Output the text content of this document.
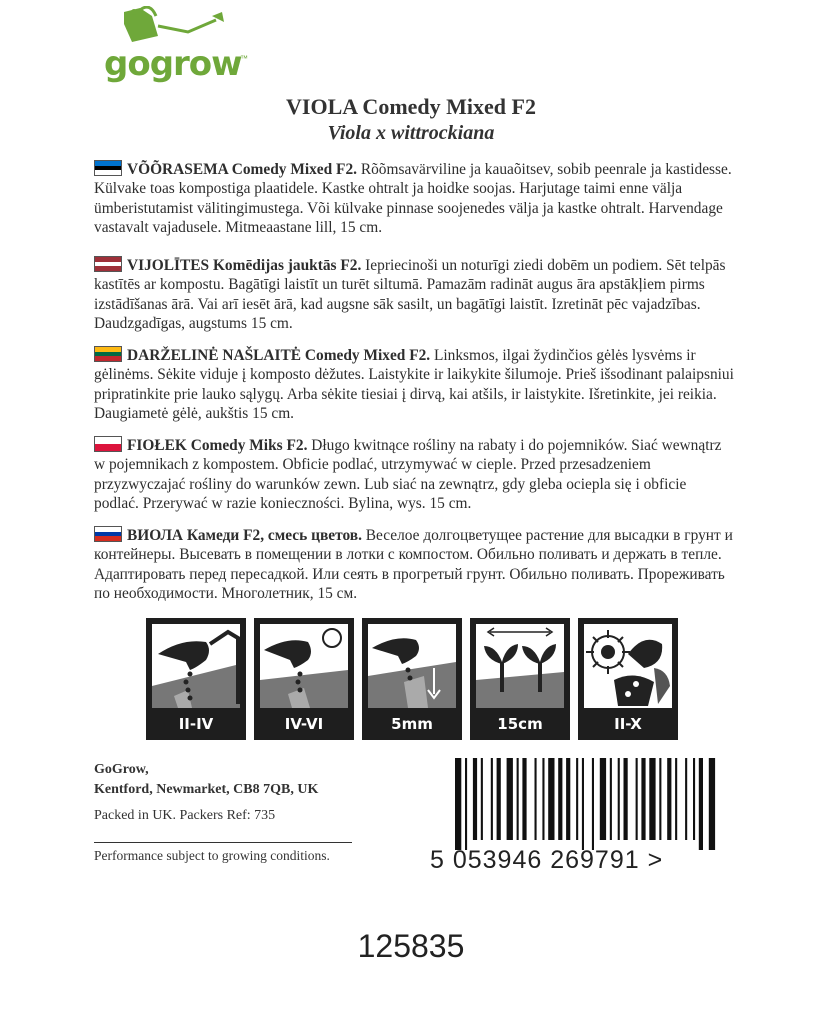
gogrow
™
VIOLA Comedy Mixed F2
Viola x wittrockiana
VÕÕRASEMA Comedy Mixed F2. Rõõmsavärviline ja kauaõitsev, sobib peenrale ja kastidesse. Külvake toas kompostiga plaatidele. Kastke ohtralt ja hoidke soojas. Harjutage taimi enne välja ümberistutamist välitingimustega. Või külvake pinnase soojenedes välja ja kastke ohtralt. Harvendage vastavalt vajadusele. Mitmeaastane lill, 15 cm.
VIJOLĪTES Komēdijas jauktās F2. Iepriecinoši un noturīgi ziedi dobēm un podiem. Sēt telpās kastītēs ar kompostu. Bagātīgi laistīt un turēt siltumā. Pamazām radināt augus āra apstākļiem pirms izstādīšanas ārā. Vai arī iesēt ārā, kad augsne sāk sasilt, un bagātīgi laistīt. Izretināt pēc vajadzības. Daudzgadīgas, augstums 15 cm.
DARŽELINĖ NAŠLAITĖ Comedy Mixed F2. Linksmos, ilgai žydinčios gėlės lysvėms ir gėlinėms. Sėkite viduje į komposto dėžutes. Laistykite ir laikykite šilumoje. Prieš išsodinant palaipsniui pripratinkite prie lauko sąlygų. Arba sėkite tiesiai į dirvą, kai atšils, ir laistykite. Išretinkite, jei reikia. Daugiametė gėlė, aukštis 15 cm.
FIOŁEK Comedy Miks F2. Długo kwitnące rośliny na rabaty i do pojemników. Siać wewnątrz w pojemnikach z kompostem. Obficie podlać, utrzymywać w cieple. Przed przesadzeniem przyzwyczajać rośliny do warunków zewn. Lub siać na zewnątrz, gdy gleba ociepla się i obficie podlać. Przerywać w razie konieczności. Bylina, wys. 15 cm.
ВИОЛА Камеди F2, смесь цветов. Веселое долгоцветущее растение для высадки в грунт и контейнеры. Высевать в помещении в лотки с компостом. Обильно поливать и держать в тепле. Адаптировать перед пересадкой. Или сеять в прогретый грунт. Обильно поливать. Прореживать по необходимости. Многолетник, 15 см.
II-IV	IV-VI	5mm	15cm	II-X
GoGrow,
Kentford, Newmarket, CB8 7QB, UK
Packed in UK. Packers Ref: 735
Performance subject to growing conditions.	5 053946 269791 >
125835
